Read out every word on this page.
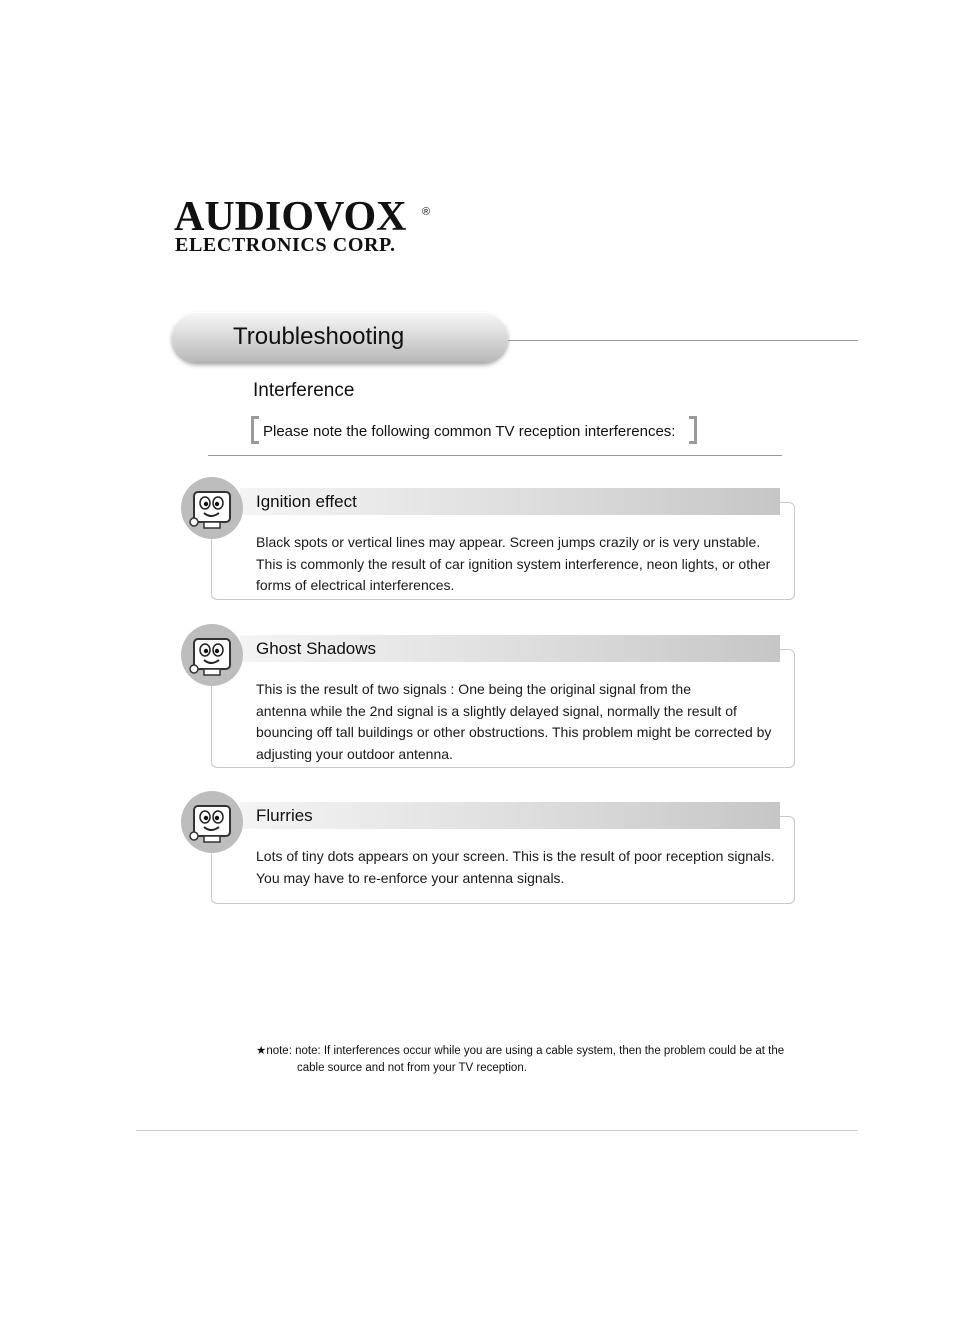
AUDIOVOX ®
ELECTRONICS CORP.
Troubleshooting
Interference
Please note the following common TV reception interferences:
Ignition effect
Black spots or vertical lines may appear. Screen jumps crazily or is very unstable.
This is commonly the result of car ignition system interference, neon lights, or other
forms of electrical interferences.
Ghost Shadows
This is the result of two signals : One being the original signal from the
antenna while the 2nd signal is a slightly delayed signal, normally the result of
bouncing off tall buildings or other obstructions. This problem might be corrected by
adjusting your outdoor antenna.
Flurries
Lots of tiny dots appears on your screen. This is the result of poor reception signals.
You may have to re-enforce your antenna signals.
★note: note: If interferences occur while you are using a cable system, then the problem could be at the
cable source and not from your TV reception.
